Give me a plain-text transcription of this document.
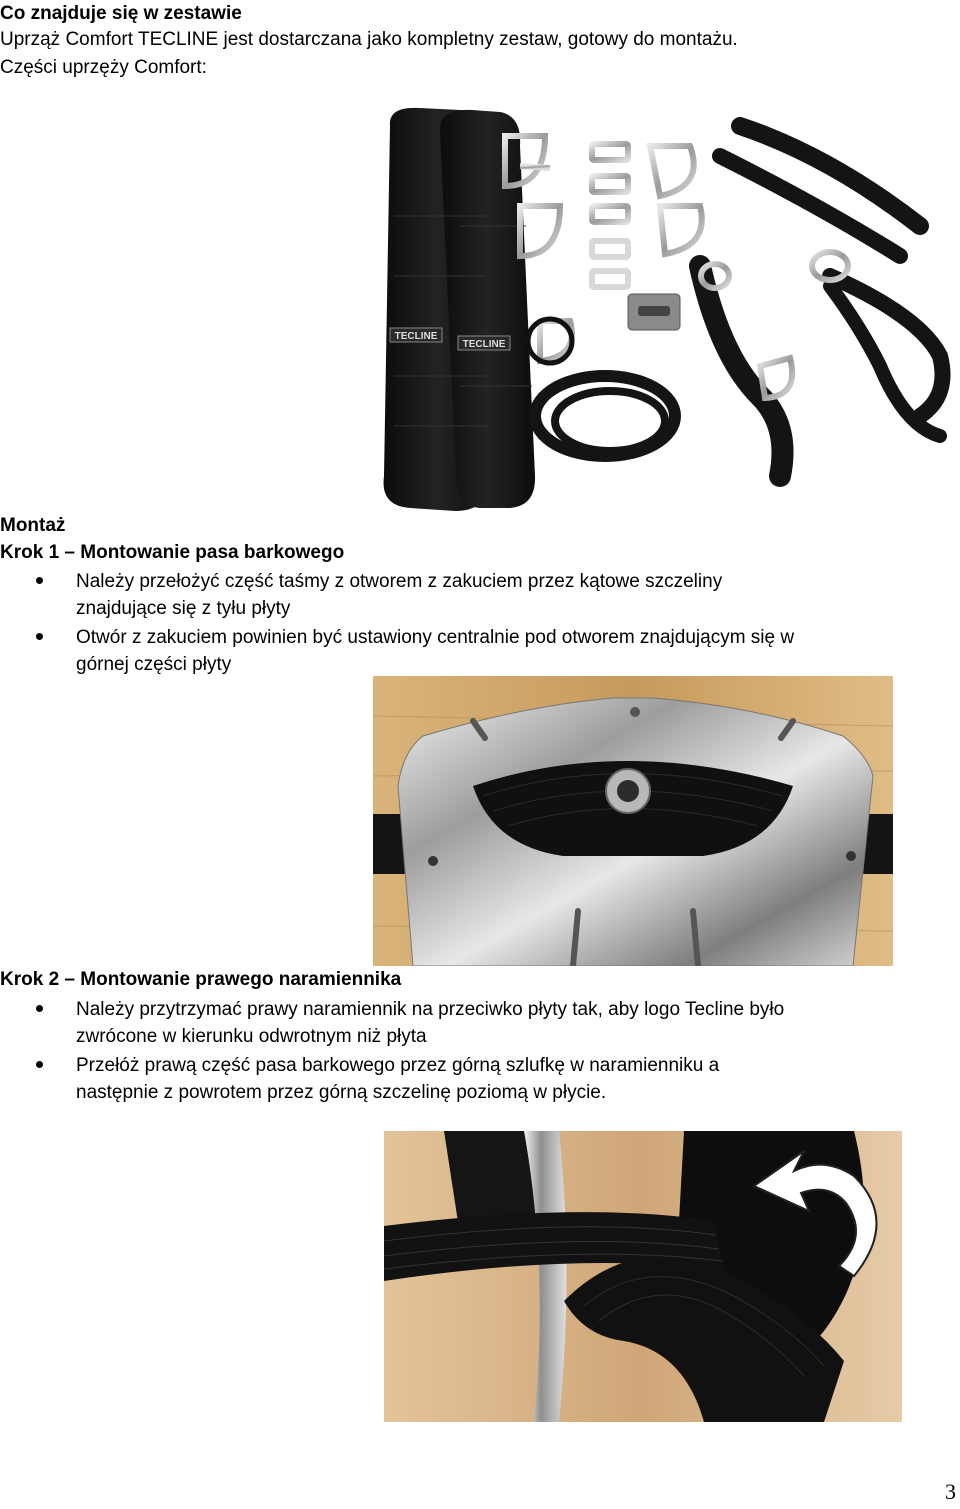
Co znajduje się w zestawie
Uprząż Comfort TECLINE jest dostarczana jako kompletny zestaw, gotowy do montażu.
Części uprzęży Comfort:
TECLINE
TECLINE
Montaż
Krok 1 – Montowanie pasa barkowego
Należy przełożyć część taśmy z otworem z zakuciem przez kątowe szczeliny
znajdujące się z tyłu płyty
Otwór z zakuciem powinien być ustawiony centralnie pod otworem znajdującym się w
górnej części płyty
Krok 2 – Montowanie prawego naramiennika
Należy przytrzymać prawy naramiennik na przeciwko płyty tak, aby logo Tecline było
zwrócone w kierunku odwrotnym niż płyta
Przełóż prawą część pasa barkowego przez górną szlufkę w naramienniku a
następnie z powrotem przez górną szczelinę poziomą w płycie.
3
